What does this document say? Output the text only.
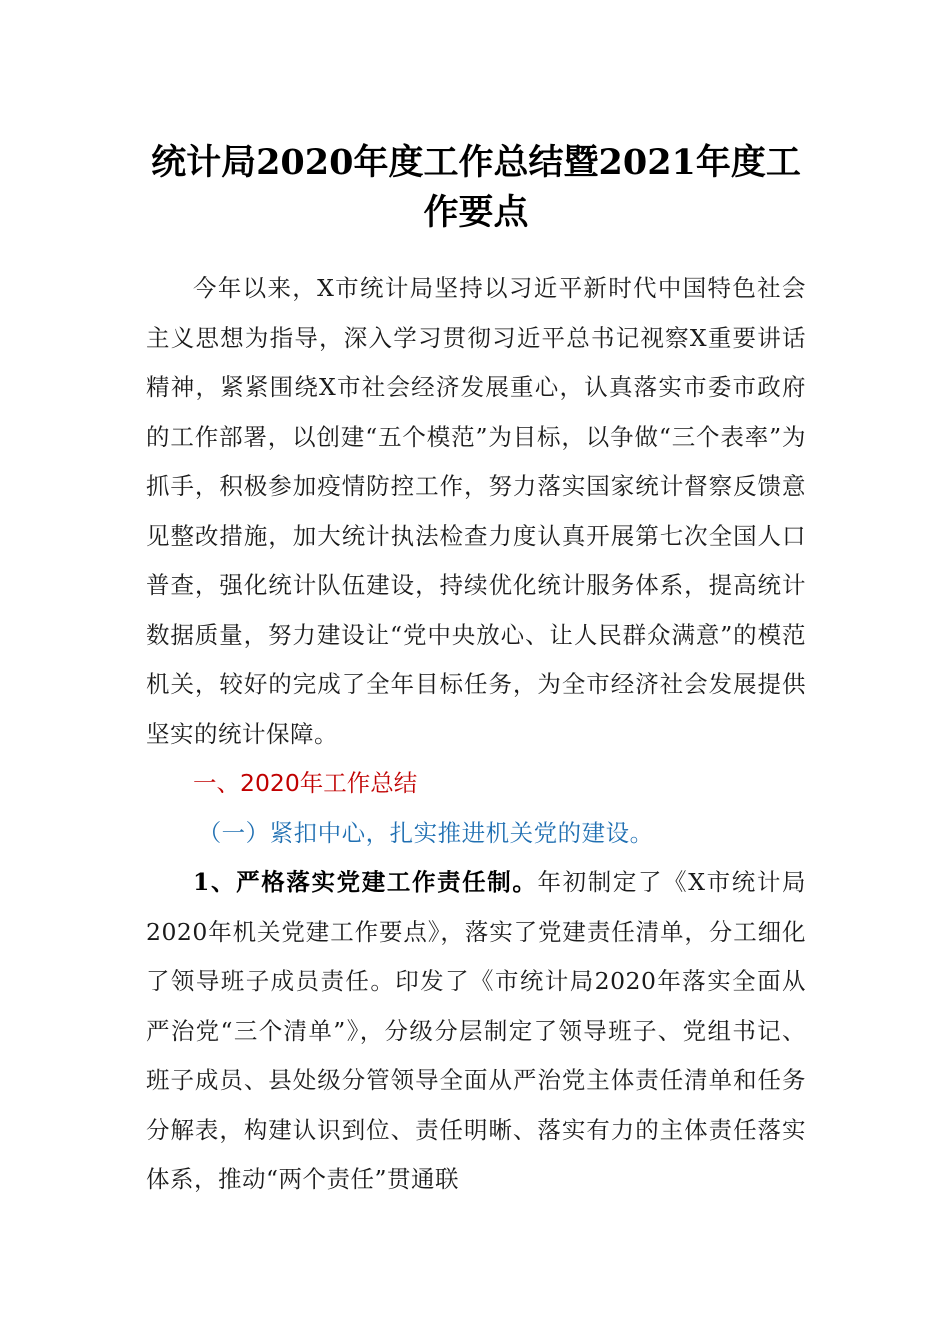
统计局2020年度工作总结暨2021年度工作要点

今年以来，X市统计局坚持以习近平新时代中国特色社会主义思想为指导，深入学习贯彻习近平总书记视察X重要讲话精神，紧紧围绕X市社会经济发展重心，认真落实市委市政府的工作部署，以创建“五个模范”为目标，以争做“三个表率”为抓手，积极参加疫情防控工作，努力落实国家统计督察反馈意见整改措施，加大统计执法检查力度认真开展第七次全国人口普查，强化统计队伍建设，持续优化统计服务体系，提高统计数据质量，努力建设让“党中央放心、让人民群众满意”的模范机关，较好的完成了全年目标任务，为全市经济社会发展提供坚实的统计保障。

一、2020年工作总结

（一）紧扣中心，扎实推进机关党的建设。

1、严格落实党建工作责任制。年初制定了《X市统计局2020年机关党建工作要点》，落实了党建责任清单，分工细化了领导班子成员责任。印发了《市统计局2020年落实全面从严治党“三个清单”》，分级分层制定了领导班子、党组书记、班子成员、县处级分管领导全面从严治党主体责任清单和任务分解表，构建认识到位、责任明晰、落实有力的主体责任落实体系，推动“两个责任”贯通联
